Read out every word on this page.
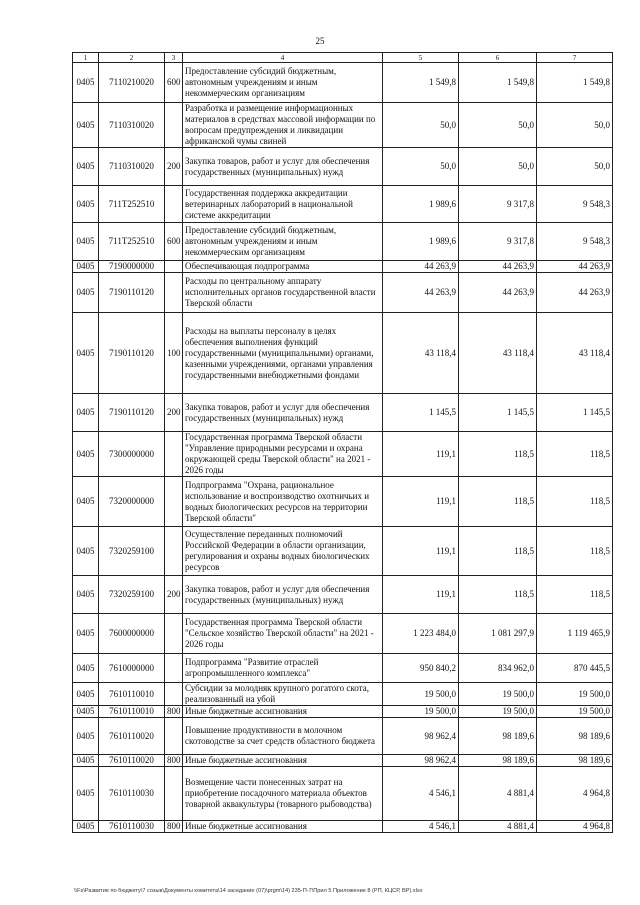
25
1	2	3	4	5	6	7
0405	7110210020	600	Предоставление субсидий бюджетным, автономным учреждениям и иным некоммерческим организациям	1 549,8	1 549,8	1 549,8
0405	7110310020		Разработка и размещение информационных материалов в средствах массовой информации по вопросам предупреждения и ликвидации африканской чумы свиней	50,0	50,0	50,0
0405	7110310020	200	Закупка товаров, работ и услуг для обеспечения государственных (муниципальных) нужд	50,0	50,0	50,0
0405	711Т252510		Государственная поддержка аккредитации ветеринарных лабораторий в национальной системе аккредитации	1 989,6	9 317,8	9 548,3
0405	711Т252510	600	Предоставление субсидий бюджетным, автономным учреждениям и иным некоммерческим организациям	1 989,6	9 317,8	9 548,3
0405	7190000000		Обеспечивающая подпрограмма	44 263,9	44 263,9	44 263,9
0405	7190110120		Расходы по центральному аппарату исполнительных органов государственной власти Тверской области	44 263,9	44 263,9	44 263,9
0405	7190110120	100	Расходы на выплаты персоналу в целях обеспечения выполнения функций государственными (муниципальными) органами, казенными учреждениями, органами управления государственными внебюджетными фондами	43 118,4	43 118,4	43 118,4
0405	7190110120	200	Закупка товаров, работ и услуг для обеспечения государственных (муниципальных) нужд	1 145,5	1 145,5	1 145,5
0405	7300000000		Государственная программа Тверской области "Управление природными ресурсами и охрана окружающей среды Тверской области" на 2021 - 2026 годы	119,1	118,5	118,5
0405	7320000000		Подпрограмма "Охрана, рациональное использование и воспроизводство охотничьих и водных биологических ресурсов на территории Тверской области"	119,1	118,5	118,5
0405	7320259100		Осуществление переданных полномочий Российской Федерации в области организации, регулирования и охраны водных биологических ресурсов	119,1	118,5	118,5
0405	7320259100	200	Закупка товаров, работ и услуг для обеспечения государственных (муниципальных) нужд	119,1	118,5	118,5
0405	7600000000		Государственная программа Тверской области "Сельское хозяйство Тверской области" на 2021 - 2026 годы	1 223 484,0	1 081 297,9	1 119 465,9
0405	7610000000		Подпрограмма "Развитие отраслей агропромышленного комплекса"	950 840,2	834 962,0	870 445,5
0405	7610110010		Субсидии за молодняк крупного рогатого скота, реализованный на убой	19 500,0	19 500,0	19 500,0
0405	7610110010	800	Иные бюджетные ассигнования	19 500,0	19 500,0	19 500,0
0405	7610110020		Повышение продуктивности в молочном скотоводстве за счет средств областного бюджета	98 962,4	98 189,6	98 189,6
0405	7610110020	800	Иные бюджетные ассигнования	98 962,4	98 189,6	98 189,6
0405	7610110030		Возмещение части понесенных затрат на приобретение посадочного материала объектов товарной аквакультуры (товарного рыбоводства)	4 546,1	4 881,4	4 964,8
0405	7610110030	800	Иные бюджетные ассигнования	4 546,1	4 881,4	4 964,8
\\Fs\Развитие по бюджету\7 созыв\Документы комитета\14 заседание (07)\prgm\14) 235-П-7\Прил 5 Приложение 8 (РП, КЦСР, ВР).xlsx
